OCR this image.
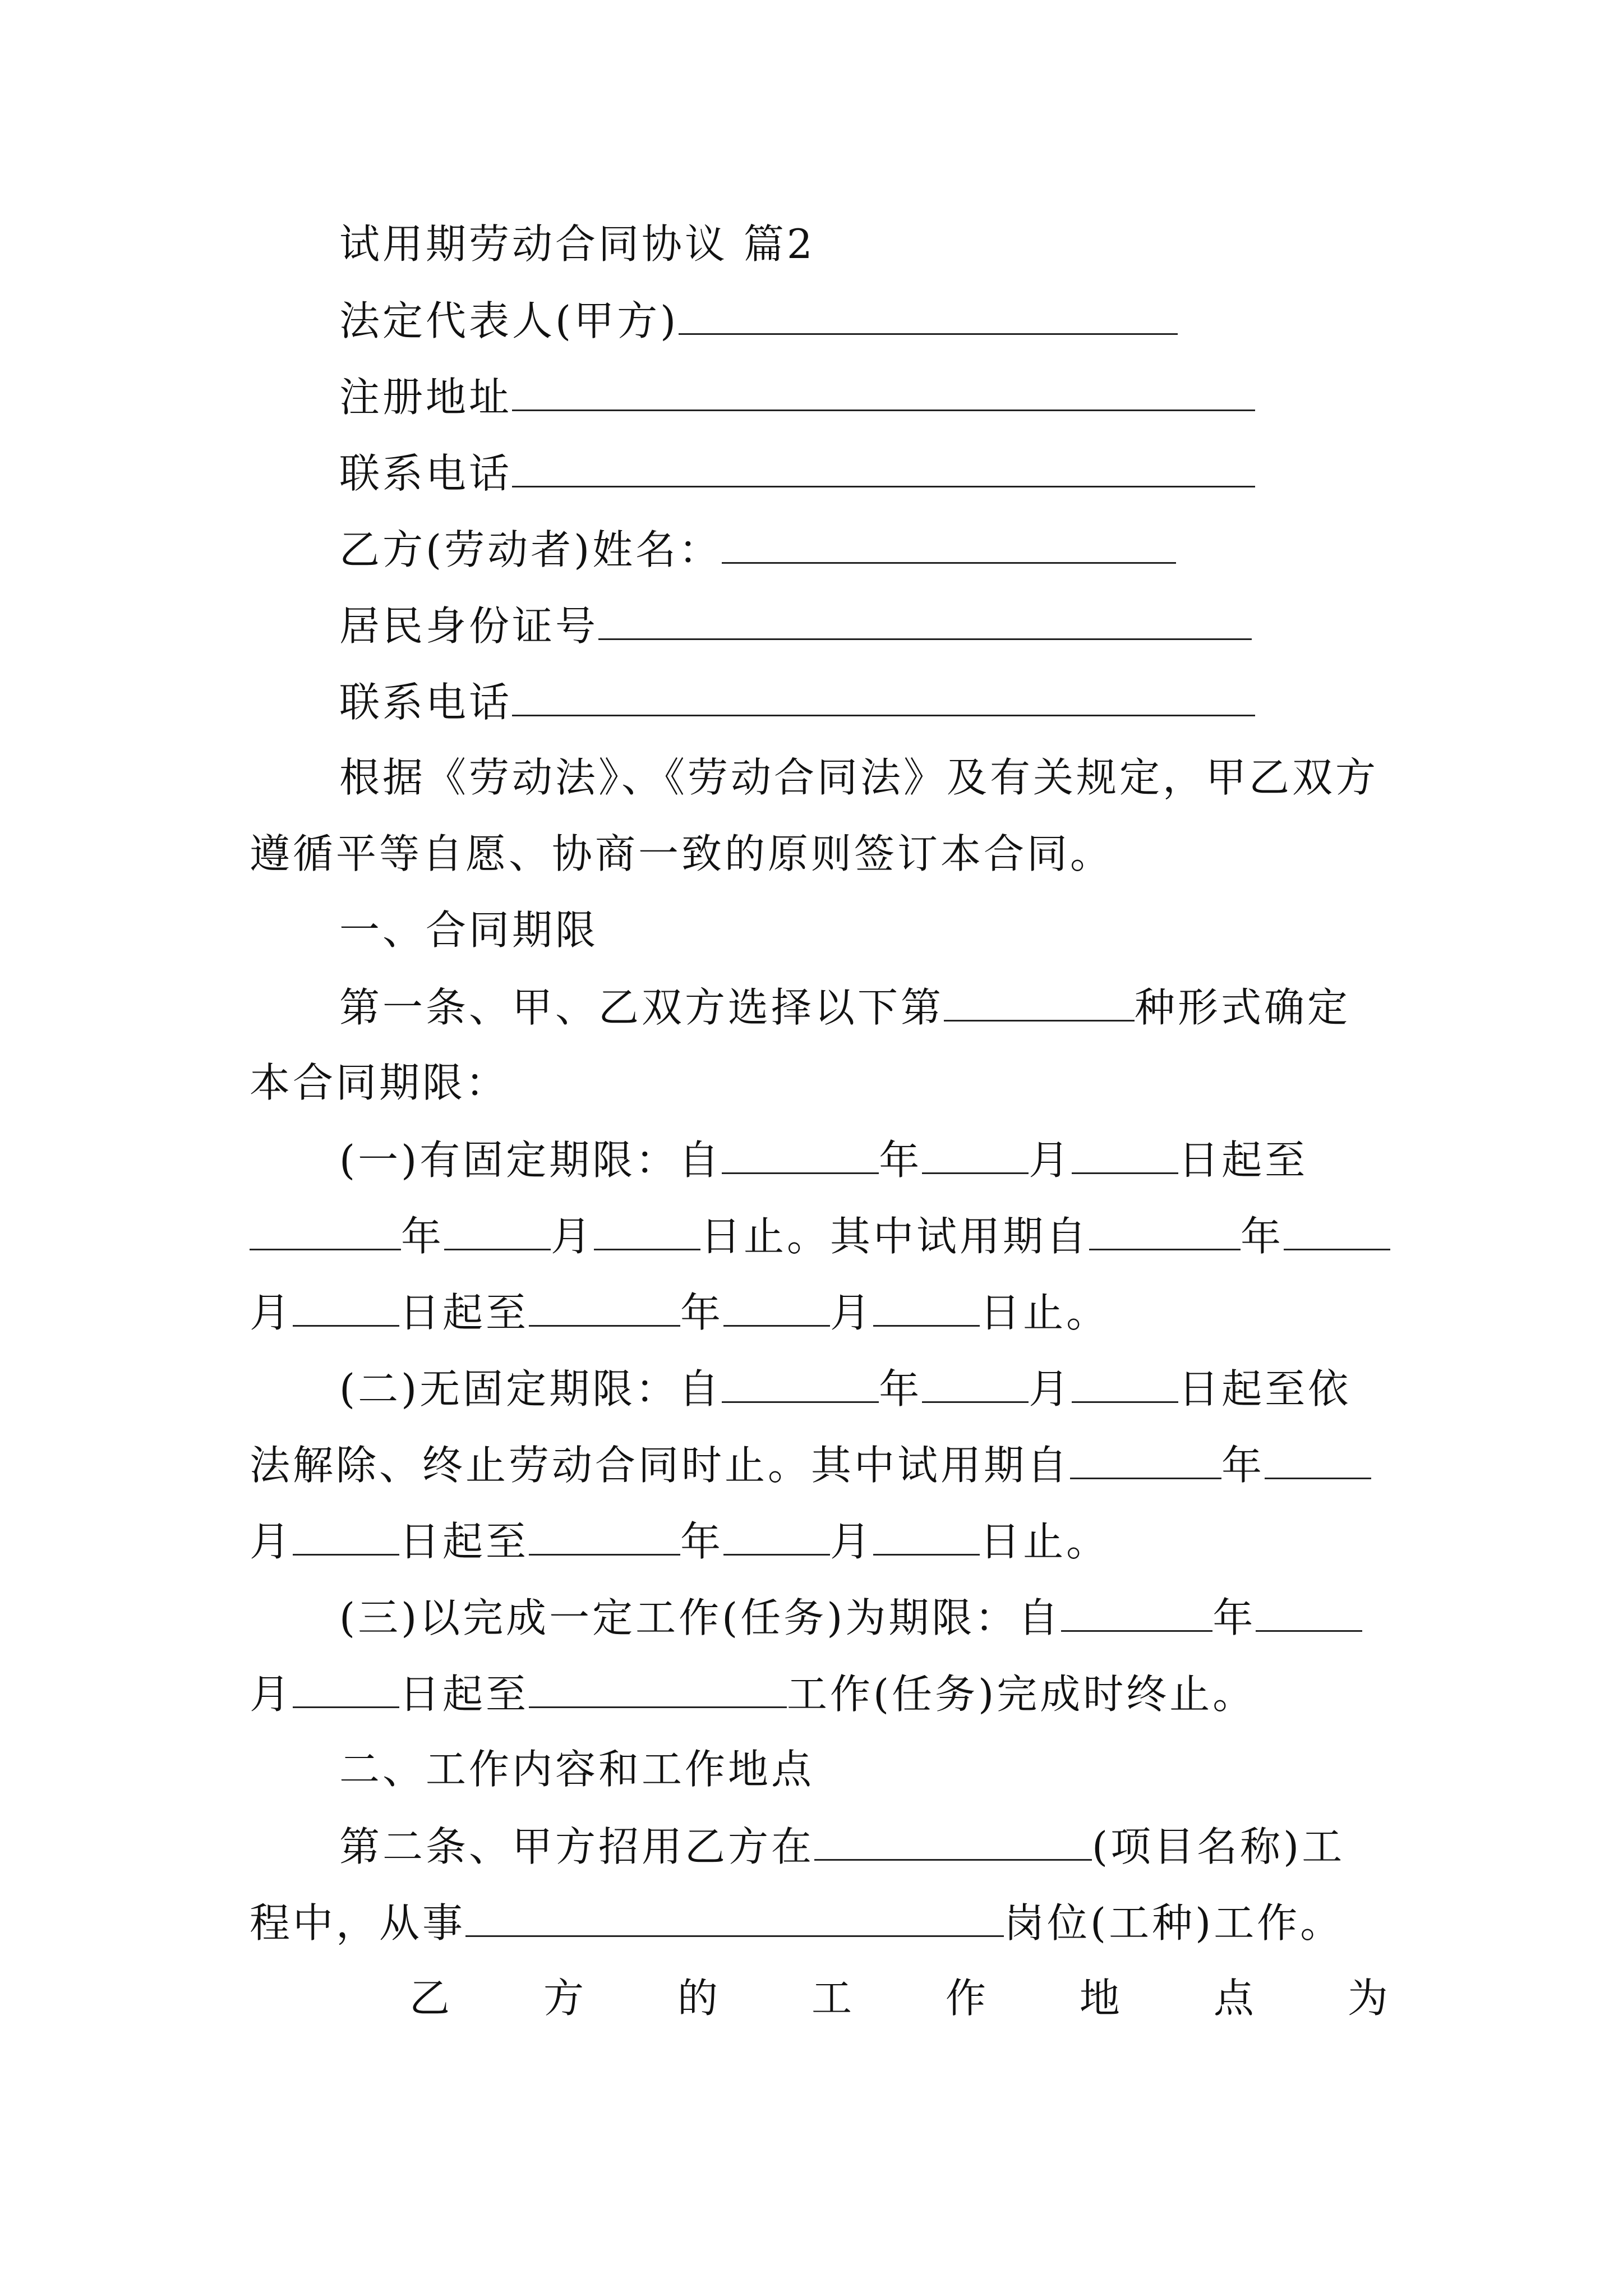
试用期劳动合同协议 篇2
法定代表人(甲方)
注册地址
联系电话
乙方(劳动者)姓名：
居民身份证号
联系电话
根据《劳动法》、《劳动合同法》及有关规定，甲乙双方
遵循平等自愿、协商一致的原则签订本合同。
一、合同期限
第一条、甲、乙双方选择以下第	种形式确定
本合同期限：
(一)有固定期限：自	年	月	日起至
年	月	日止。其中试用期自	年
月	日起至	年	月	日止。
(二)无固定期限：自	年	月	日起至依
法解除、终止劳动合同时止。其中试用期自	年
月	日起至	年	月	日止。
(三)以完成一定工作(任务)为期限：自	年
月	日起至	工作(任务)完成时终止。
二、工作内容和工作地点
第二条、甲方招用乙方在	(项目名称)工
程中，从事	岗位(工种)工作。
乙 方 的 工 作 地 点 为
